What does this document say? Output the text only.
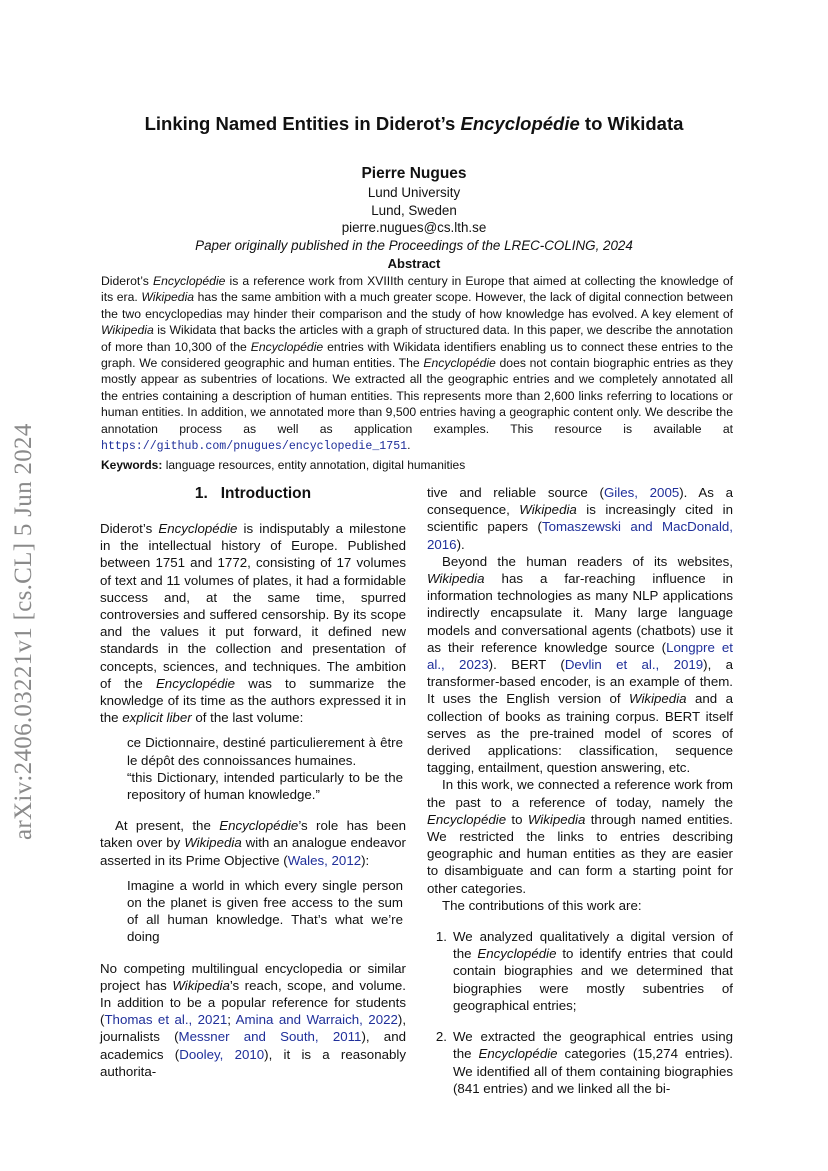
arXiv:2406.03221v1 [cs.CL] 5 Jun 2024
Linking Named Entities in Diderot’s Encyclopédie to Wikidata
Pierre Nugues
Lund University
Lund, Sweden
pierre.nugues@cs.lth.se
Paper originally published in the Proceedings of the LREC-COLING, 2024
Abstract
Diderot’s Encyclopédie is a reference work from XVIIIth century in Europe that aimed at collecting the knowledge of its era. Wikipedia has the same ambition with a much greater scope. However, the lack of digital connection between the two encyclopedias may hinder their comparison and the study of how knowledge has evolved. A key element of Wikipedia is Wikidata that backs the articles with a graph of structured data. In this paper, we describe the annotation of more than 10,300 of the Encyclopédie entries with Wikidata identifiers enabling us to connect these entries to the graph. We considered geographic and human entities. The Encyclopédie does not contain biographic entries as they mostly appear as subentries of locations. We extracted all the geographic entries and we completely annotated all the entries containing a description of human entities. This represents more than 2,600 links referring to locations or human entities. In addition, we annotated more than 9,500 entries having a geographic content only. We describe the annotation process as well as application examples. This resource is available at https://github.com/pnugues/encyclopedie_1751.
Keywords: language resources, entity annotation, digital humanities

1. Introduction

Diderot’s Encyclopédie is indisputably a milestone in the intellectual history of Europe. Published between 1751 and 1772, consisting of 17 volumes of text and 11 volumes of plates, it had a formidable success and, at the same time, spurred controversies and suffered censorship. By its scope and the values it put forward, it defined new standards in the collection and presentation of concepts, sciences, and techniques. The ambition of the Encyclopédie was to summarize the knowledge of its time as the authors expressed it in the explicit liber of the last volume:

ce Dictionnaire, destiné particulierement à être le dépôt des connoissances humaines.
“this Dictionary, intended particularly to be the repository of human knowledge.”

At present, the Encyclopédie’s role has been taken over by Wikipedia with an analogue endeavor asserted in its Prime Objective (Wales, 2012):

Imagine a world in which every single person on the planet is given free access to the sum of all human knowledge. That’s what we’re doing

No competing multilingual encyclopedia or similar project has Wikipedia’s reach, scope, and volume. In addition to be a popular reference for students (Thomas et al., 2021; Amina and Warraich, 2022), journalists (Messner and South, 2011), and academics (Dooley, 2010), it is a reasonably authorita-

tive and reliable source (Giles, 2005). As a consequence, Wikipedia is increasingly cited in scientific papers (Tomaszewski and MacDonald, 2016).

Beyond the human readers of its websites, Wikipedia has a far-reaching influence in information technologies as many NLP applications indirectly encapsulate it. Many large language models and conversational agents (chatbots) use it as their reference knowledge source (Longpre et al., 2023). BERT (Devlin et al., 2019), a transformer-based encoder, is an example of them. It uses the English version of Wikipedia and a collection of books as training corpus. BERT itself serves as the pre-trained model of scores of derived applications: classification, sequence tagging, entailment, question answering, etc.

In this work, we connected a reference work from the past to a reference of today, namely the Encyclopédie to Wikipedia through named entities. We restricted the links to entries describing geographic and human entities as they are easier to disambiguate and can form a starting point for other categories.

The contributions of this work are:

1. We analyzed qualitatively a digital version of the Encyclopédie to identify entries that could contain biographies and we determined that biographies were mostly subentries of geographical entries;
2. We extracted the geographical entries using the Encyclopédie categories (15,274 entries). We identified all of them containing biographies (841 entries) and we linked all the bi-
